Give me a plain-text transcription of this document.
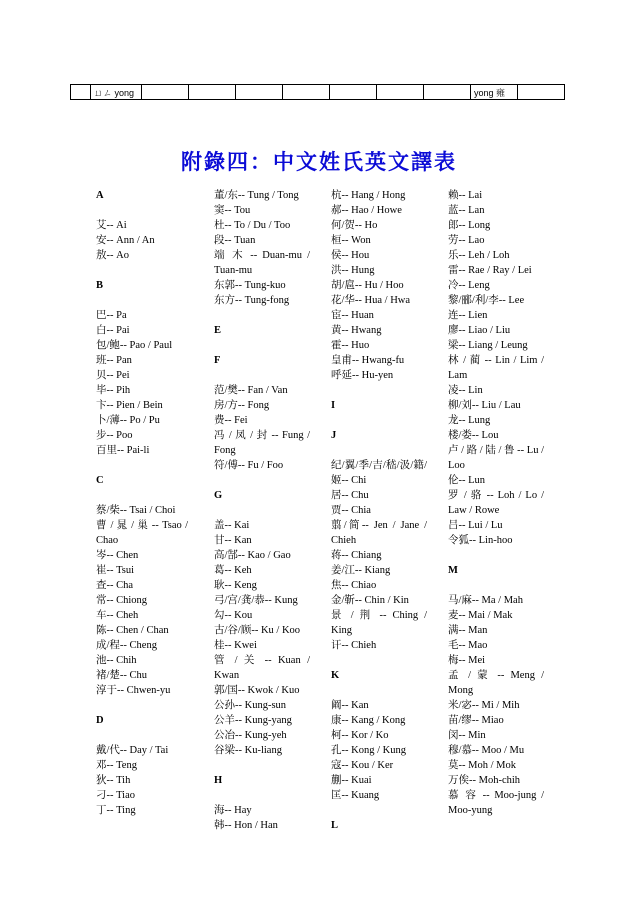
	ㄩㄥ yong								yong 雍	
附錄四：中文姓氏英文譯表
A
艾-- Ai
安-- Ann / An
敖-- Ao
B
巴-- Pa
白-- Pai
包/鲍-- Pao / Paul
班-- Pan
贝-- Pei
毕-- Pih
卞-- Pien / Bein
卜/薄-- Po / Pu
步-- Poo
百里-- Pai-li
C
蔡/柴-- Tsai / Choi
曹 / 晁 / 巢 -- Tsao / Chao
岑-- Chen
崔-- Tsui
查-- Cha
常-- Chiong
车-- Cheh
陈-- Chen / Chan
成/程-- Cheng
池-- Chih
褚/楚-- Chu
淳于-- Chwen-yu
D
戴/代-- Day / Tai
邓-- Teng
狄-- Tih
刁-- Tiao
丁-- Ting
董/东-- Tung / Tong
窦-- Tou
杜-- To / Du / Too
段-- Tuan
端 木 -- Duan-mu / Tuan-mu
东郭-- Tung-kuo
东方-- Tung-fong
E
F
范/樊-- Fan / Van
房/方-- Fong
费-- Fei
冯 / 凤 / 封 -- Fung / Fong
符/傅-- Fu / Foo
G
盖-- Kai
甘-- Kan
高/郜-- Kao / Gao
葛-- Keh
耿-- Keng
弓/宫/龚/恭-- Kung
勾-- Kou
古/谷/顾-- Ku / Koo
桂-- Kwei
管 / 关 -- Kuan / Kwan
郭/国-- Kwok / Kuo
公孙-- Kung-sun
公羊-- Kung-yang
公冶-- Kung-yeh
谷梁-- Ku-liang
H
海-- Hay
韩-- Hon / Han
杭-- Hang / Hong
郝-- Hao / Howe
何/贺-- Ho
桓-- Won
侯-- Hou
洪-- Hung
胡/扈-- Hu / Hoo
花/华-- Hua / Hwa
宦-- Huan
黄-- Hwang
霍-- Huo
皇甫-- Hwang-fu
呼延-- Hu-yen
I
J
纪/翼/季/吉/嵇/汲/籍/姬-- Chi
居-- Chu
贾-- Chia
翦/简-- Jen / Jane / Chieh
蒋-- Chiang
姜/江-- Kiang
焦-- Chiao
金/靳-- Chin / Kin
景 / 荆 -- Ching / King
讦-- Chieh
K
阚-- Kan
康-- Kang / Kong
柯-- Kor / Ko
孔-- Kong / Kung
寇-- Kou / Ker
蒯-- Kuai
匡-- Kuang
L
赖-- Lai
蓝-- Lan
郎-- Long
劳-- Lao
乐-- Leh / Loh
雷-- Rae / Ray / Lei
冷-- Leng
黎/郦/利/李-- Lee
连-- Lien
廖-- Liao / Liu
梁-- Liang / Leung
林 / 蔺 -- Lin / Lim / Lam
凌-- Lin
柳/刘-- Liu / Lau
龙-- Lung
楼/娄-- Lou
卢 / 路 / 陆 / 鲁 -- Lu / Loo
伦-- Lun
罗 / 骆 -- Loh / Lo / Law / Rowe
吕-- Lui / Lu
令狐-- Lin-hoo
M
马/麻-- Ma / Mah
麦-- Mai / Mak
满-- Man
毛-- Mao
梅-- Mei
孟 / 蒙 -- Meng / Mong
米/宓-- Mi / Mih
苗/缪-- Miao
闵-- Min
穆/慕-- Moo / Mu
莫-- Moh / Mok
万俟-- Moh-chih
慕 容 -- Moo-jung / Moo-yung
